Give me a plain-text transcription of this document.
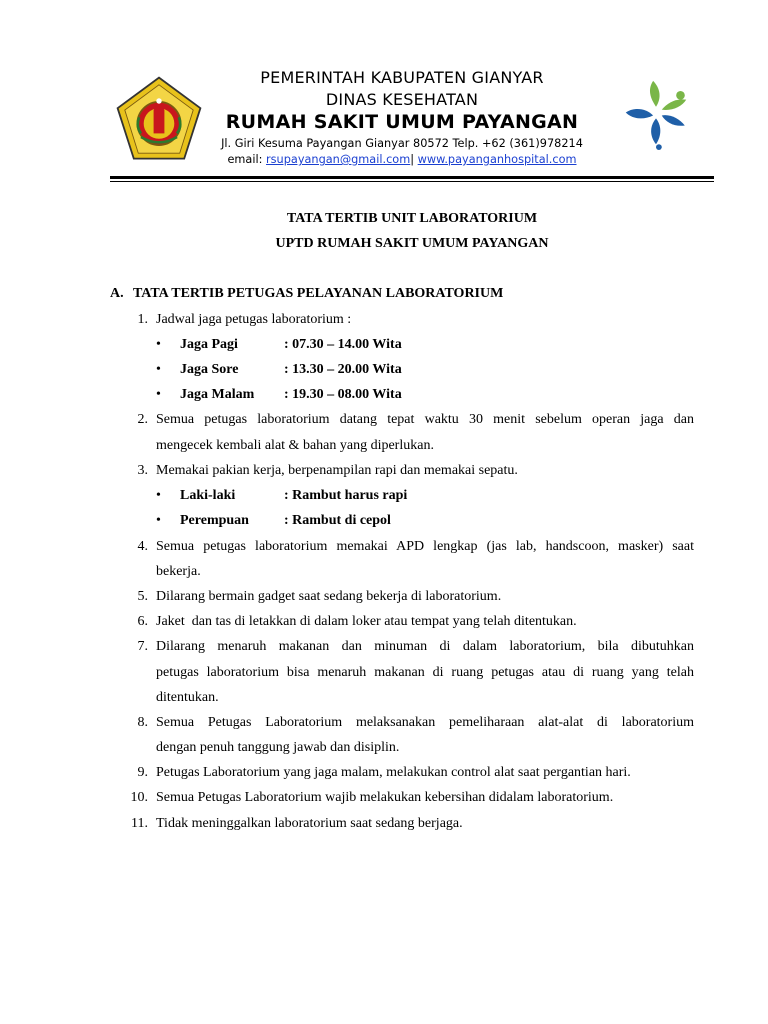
PEMERINTAH KABUPATEN GIANYAR
DINAS KESEHATAN
RUMAH SAKIT UMUM PAYANGAN
Jl. Giri Kesuma Payangan Gianyar 80572 Telp. +62 (361)978214
email: rsupayangan@gmail.com| www.payanganhospital.com
TATA TERTIB UNIT LABORATORIUM
UPTD RUMAH SAKIT UMUM PAYANGAN
A. TATA TERTIB PETUGAS PELAYANAN LABORATORIUM
1. Jadwal jaga petugas laboratorium :
• Jaga Pagi	: 07.30 – 14.00 Wita
• Jaga Sore	: 13.30 – 20.00 Wita
• Jaga Malam : 19.30 – 08.00 Wita
2. Semua petugas laboratorium datang tepat waktu 30 menit sebelum operan jaga dan
mengecek kembali alat & bahan yang diperlukan.
3. Memakai pakian kerja, berpenampilan rapi dan memakai sepatu.
• Laki-laki	: Rambut harus rapi
• Perempuan	: Rambut di cepol
4. Semua petugas laboratorium memakai APD lengkap (jas lab, handscoon, masker) saat
bekerja.
5. Dilarang bermain gadget saat sedang bekerja di laboratorium.
6. Jaket  dan tas di letakkan di dalam loker atau tempat yang telah ditentukan.
7. Dilarang menaruh makanan dan minuman di dalam laboratorium, bila dibutuhkan
petugas laboratorium bisa menaruh makanan di ruang petugas atau di ruang yang telah
ditentukan.
8. Semua Petugas Laboratorium melaksanakan pemeliharaan alat-alat di laboratorium
dengan penuh tanggung jawab dan disiplin.
9. Petugas Laboratorium yang jaga malam, melakukan control alat saat pergantian hari.
10. Semua Petugas Laboratorium wajib melakukan kebersihan didalam laboratorium.
11. Tidak meninggalkan laboratorium saat sedang berjaga.
